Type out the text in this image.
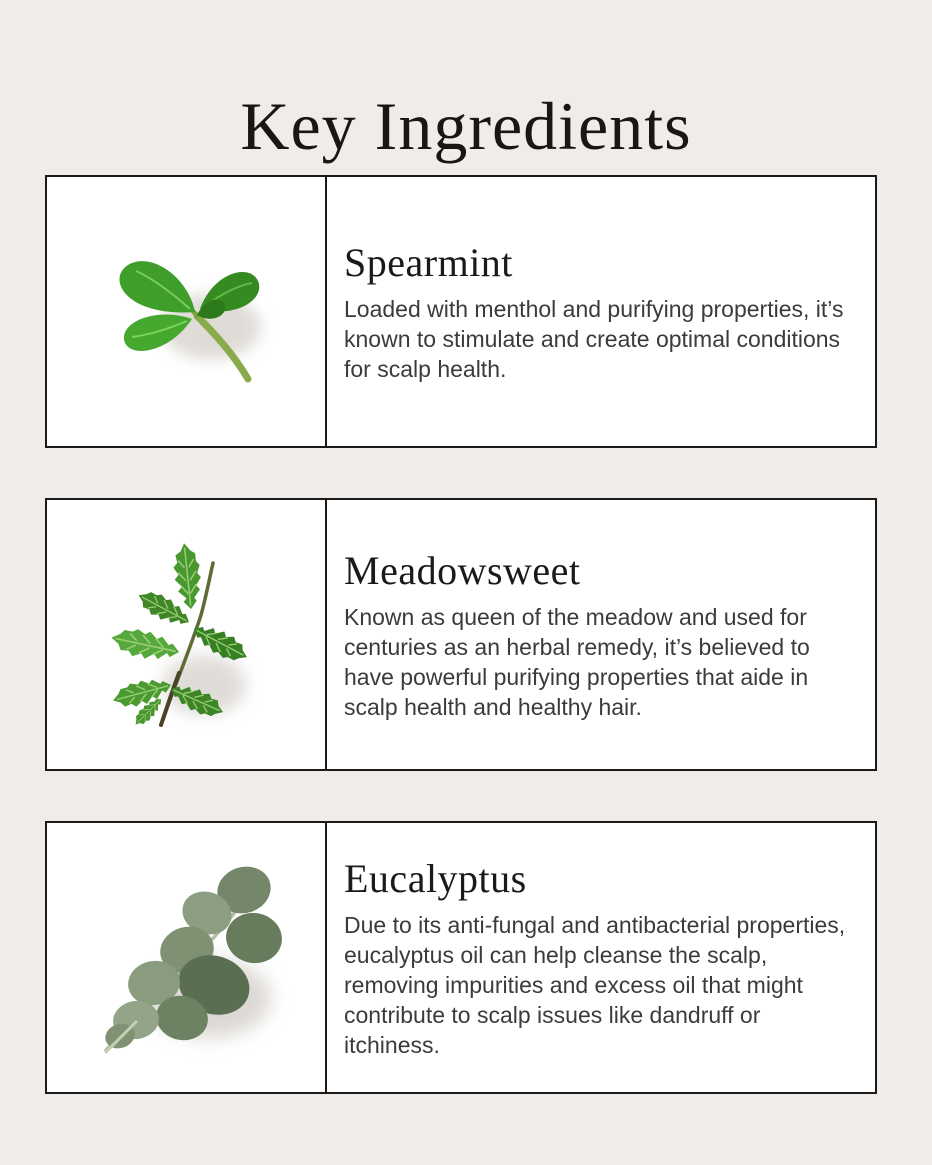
Key Ingredients
Spearmint

Loaded with menthol and purifying properties, it’s known to stimulate and create optimal conditions for scalp health.

Meadowsweet

Known as queen of the meadow and used for centuries as an herbal remedy, it’s believed to have powerful purifying properties that aide in scalp health and healthy hair.

Eucalyptus

Due to its anti-fungal and antibacterial properties, eucalyptus oil can help cleanse the scalp, removing impurities and excess oil that might contribute to scalp issues like dandruff or itchiness.
